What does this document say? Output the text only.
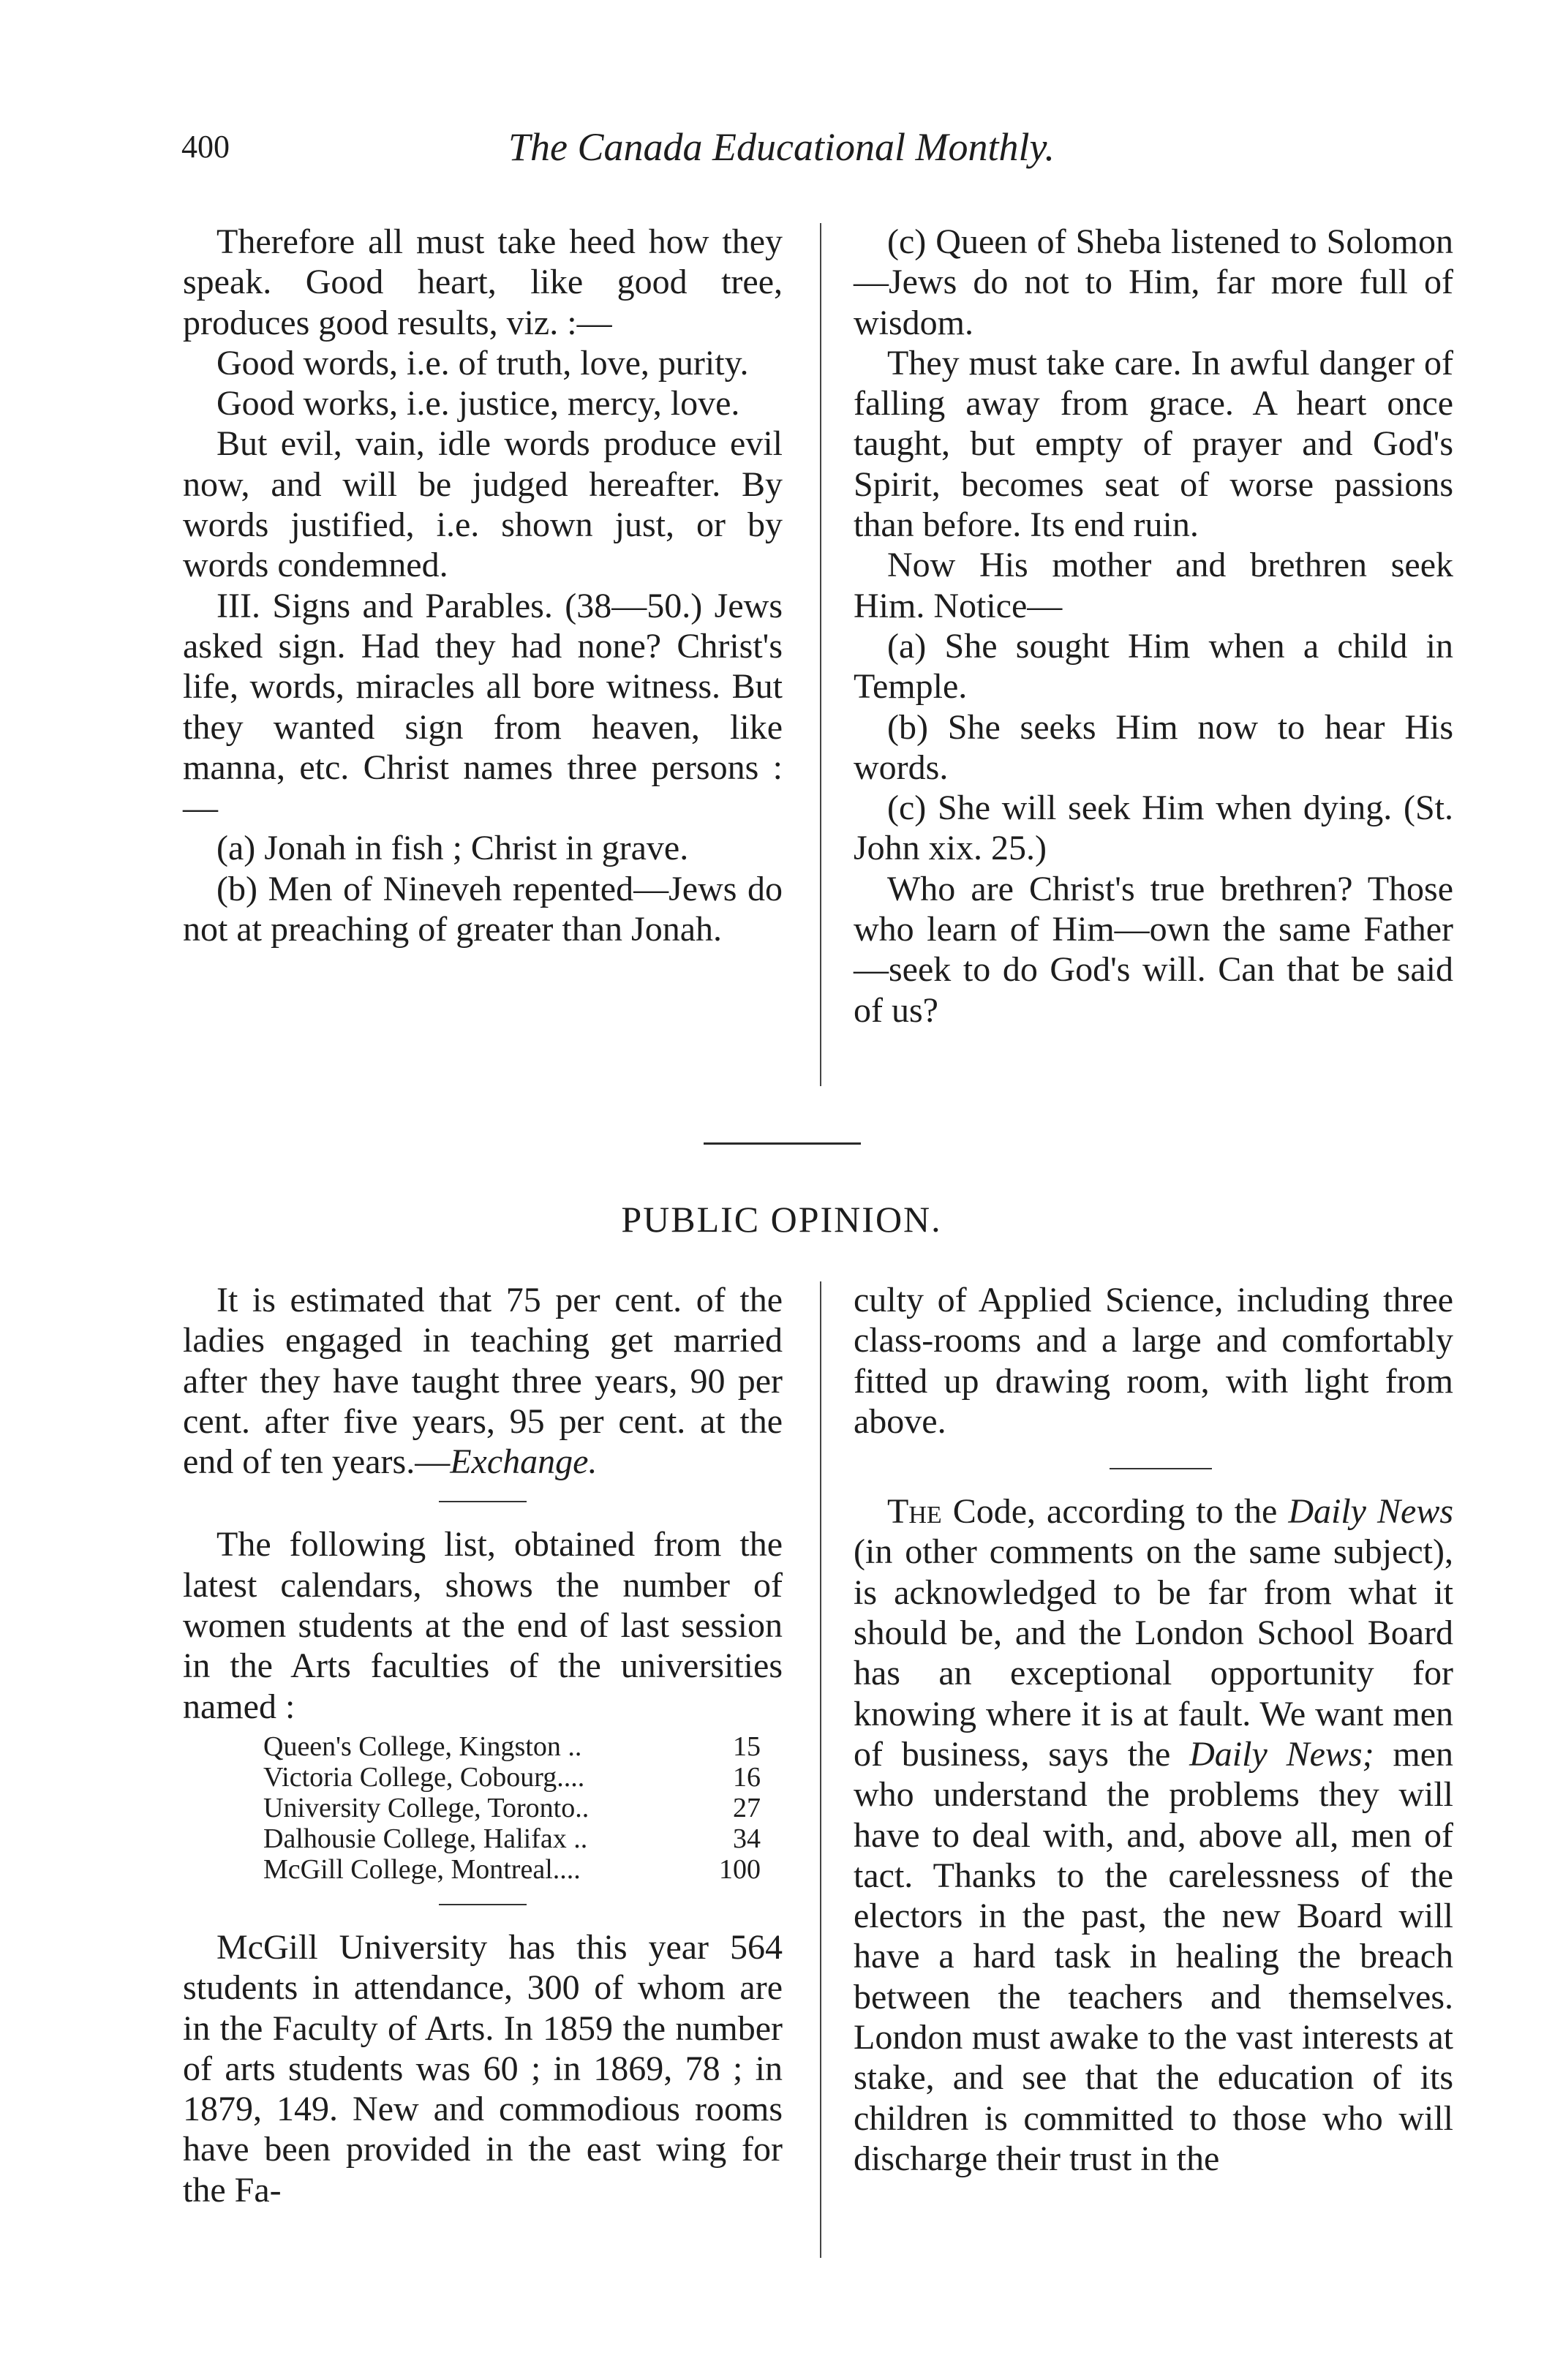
400	The Canada Educational Monthly.

Therefore all must take heed how they speak. Good heart, like good tree, produces good results, viz. :—

Good words, i.e. of truth, love, purity.

Good works, i.e. justice, mercy, love.

But evil, vain, idle words produce evil now, and will be judged hereafter. By words justified, i.e. shown just, or by words condemned.

III. Signs and Parables. (38—50.) Jews asked sign. Had they had none? Christ's life, words, miracles all bore witness. But they wanted sign from heaven, like manna, etc. Christ names three persons :—

(a) Jonah in fish ; Christ in grave.

(b) Men of Nineveh repented—Jews do not at preaching of greater than Jonah.

(c) Queen of Sheba listened to Solomon—Jews do not to Him, far more full of wisdom.

They must take care. In awful danger of falling away from grace. A heart once taught, but empty of prayer and God's Spirit, becomes seat of worse passions than before. Its end ruin.

Now His mother and brethren seek Him. Notice—

(a) She sought Him when a child in Temple.

(b) She seeks Him now to hear His words.

(c) She will seek Him when dying. (St. John xix. 25.)

Who are Christ's true brethren? Those who learn of Him—own the same Father—seek to do God's will. Can that be said of us?

PUBLIC OPINION.

It is estimated that 75 per cent. of the ladies engaged in teaching get married after they have taught three years, 90 per cent. after five years, 95 per cent. at the end of ten years.—Exchange.

The following list, obtained from the latest calendars, shows the number of women students at the end of last session in the Arts faculties of the universities named :

Queen's College, Kingston ..	15
Victoria College, Cobourg....	16
University College, Toronto..	27
Dalhousie College, Halifax ..	34
McGill College, Montreal....	100

McGill University has this year 564 students in attendance, 300 of whom are in the Faculty of Arts. In 1859 the number of arts students was 60 ; in 1869, 78 ; in 1879, 149. New and commodious rooms have been provided in the east wing for the Fa-

culty of Applied Science, including three class-rooms and a large and comfortably fitted up drawing room, with light from above.

The Code, according to the Daily News (in other comments on the same subject), is acknowledged to be far from what it should be, and the London School Board has an exceptional opportunity for knowing where it is at fault. We want men of business, says the Daily News; men who understand the problems they will have to deal with, and, above all, men of tact. Thanks to the carelessness of the electors in the past, the new Board will have a hard task in healing the breach between the teachers and themselves. London must awake to the vast interests at stake, and see that the education of its children is committed to those who will discharge their trust in the
